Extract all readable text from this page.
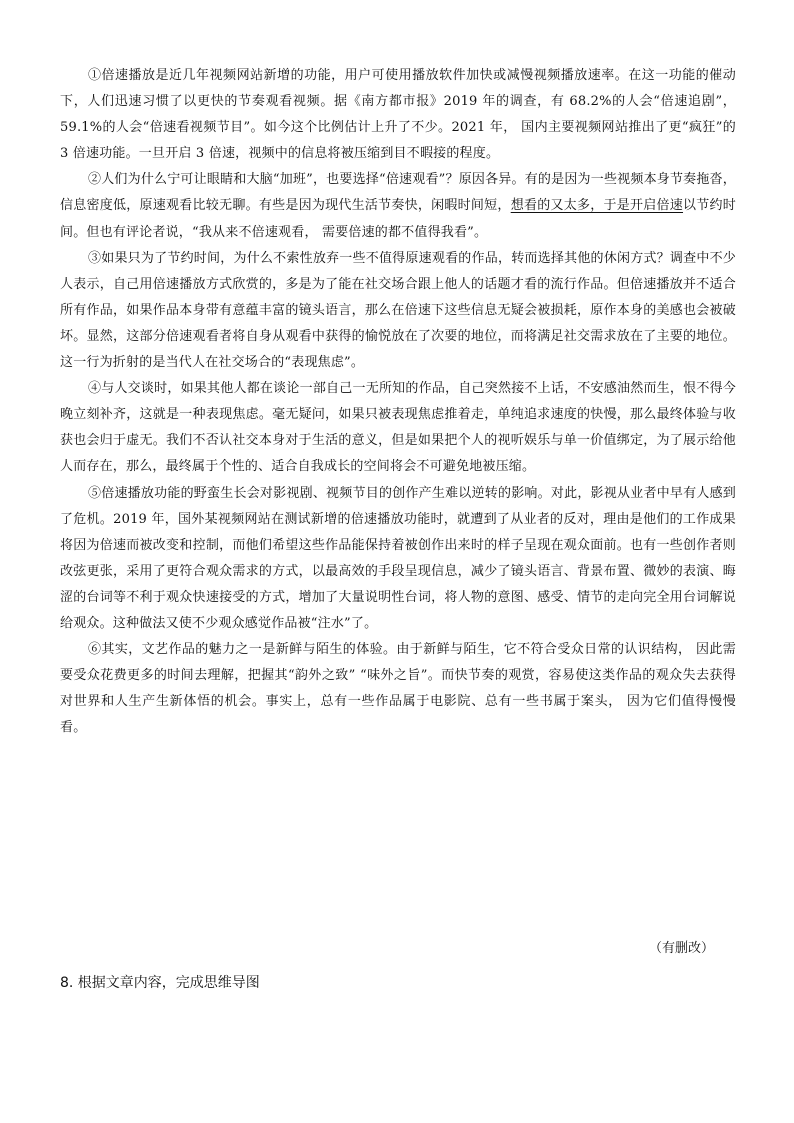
①倍速播放是近几年视频网站新增的功能，用户可使用播放软件加快或减慢视频播放速率。在这一功能的催动下，人们迅速习惯了以更快的节奏观看视频。据《南方都市报》2019 年的调查，有 68.2%的人会“倍速追剧”，59.1%的人会“倍速看视频节目”。如今这个比例估计上升了不少。2021 年， 国内主要视频网站推出了更“疯狂”的 3 倍速功能。一旦开启 3 倍速，视频中的信息将被压缩到目不暇接的程度。

②人们为什么宁可让眼睛和大脑“加班”，也要选择“倍速观看”？原因各异。有的是因为一些视频本身节奏拖沓，信息密度低，原速观看比较无聊。有些是因为现代生活节奏快，闲暇时间短，想看的又太多，于是开启倍速以节约时间。但也有评论者说，“我从来不倍速观看， 需要倍速的都不值得我看”。

③如果只为了节约时间，为什么不索性放弃一些不值得原速观看的作品，转而选择其他的休闲方式？调查中不少人表示，自己用倍速播放方式欣赏的，多是为了能在社交场合跟上他人的话题才看的流行作品。但倍速播放并不适合所有作品，如果作品本身带有意蕴丰富的镜头语言，那么在倍速下这些信息无疑会被损耗，原作本身的美感也会被破坏。显然，这部分倍速观看者将自身从观看中获得的愉悦放在了次要的地位，而将满足社交需求放在了主要的地位。这一行为折射的是当代人在社交场合的“表现焦虑”。

④与人交谈时，如果其他人都在谈论一部自己一无所知的作品，自己突然接不上话，不安感油然而生，恨不得今晚立刻补齐，这就是一种表现焦虑。毫无疑问，如果只被表现焦虑推着走，单纯追求速度的快慢，那么最终体验与收获也会归于虚无。我们不否认社交本身对于生活的意义，但是如果把个人的视听娱乐与单一价值绑定，为了展示给他人而存在，那么，最终属于个性的、适合自我成长的空间将会不可避免地被压缩。

⑤倍速播放功能的野蛮生长会对影视剧、视频节目的创作产生难以逆转的影响。对此，影视从业者中早有人感到了危机。2019 年，国外某视频网站在测试新增的倍速播放功能时，就遭到了从业者的反对，理由是他们的工作成果将因为倍速而被改变和控制，而他们希望这些作品能保持着被创作出来时的样子呈现在观众面前。也有一些创作者则改弦更张，采用了更符合观众需求的方式，以最高效的手段呈现信息，减少了镜头语言、背景布置、微妙的表演、晦涩的台词等不利于观众快速接受的方式，增加了大量说明性台词，将人物的意图、感受、情节的走向完全用台词解说给观众。这种做法又使不少观众感觉作品被“注水”了。

⑥其实，文艺作品的魅力之一是新鲜与陌生的体验。由于新鲜与陌生，它不符合受众日常的认识结构， 因此需要受众花费更多的时间去理解，把握其“韵外之致” “味外之旨”。而快节奏的观赏，容易使这类作品的观众失去获得对世界和人生产生新体悟的机会。事实上，总有一些作品属于电影院、总有一些书属于案头， 因为它们值得慢慢看。

（有删改）
8. 根据文章内容，完成思维导图
